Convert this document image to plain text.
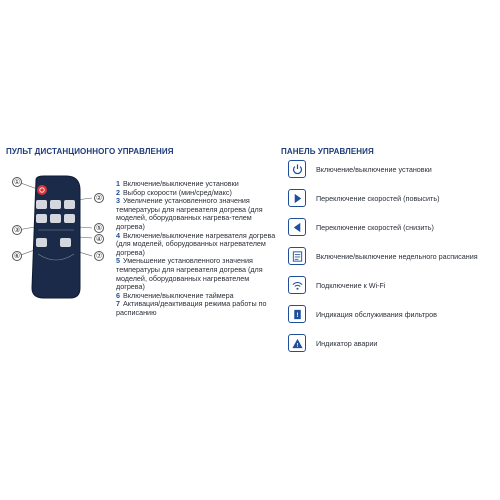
ПУЛЬТ ДИСТАНЦИОННОГО УПРАВЛЕНИЯ	ПАНЕЛЬ УПРАВЛЕНИЯ
①
②
③	⑤
④
⑥	⑦

1 Включение/выключение установки

2 Выбор скорости (мин/сред/макс)

3 Увеличение установленного значения температуры для нагревателя догрева (для моделей, оборудованных нагрева-телем догрева)

4 Включение/выключение нагревателя догрева (для моделей, оборудованных нагревателем догрева)

5 Уменьшение установленного значения температуры для нагревателя догрева (для моделей, оборудованных нагревателем догрева)

6 Включение/выключение таймера

7 Активация/деактивация режима работы по расписанию

Включение/выключение установки
Переключение скоростей (повысить)
Переключение скоростей (снизить)
Включение/выключение недельного расписания
Подключение к Wi-Fi
! Индикация обслуживания фильтров
!	Индикатор аварии
